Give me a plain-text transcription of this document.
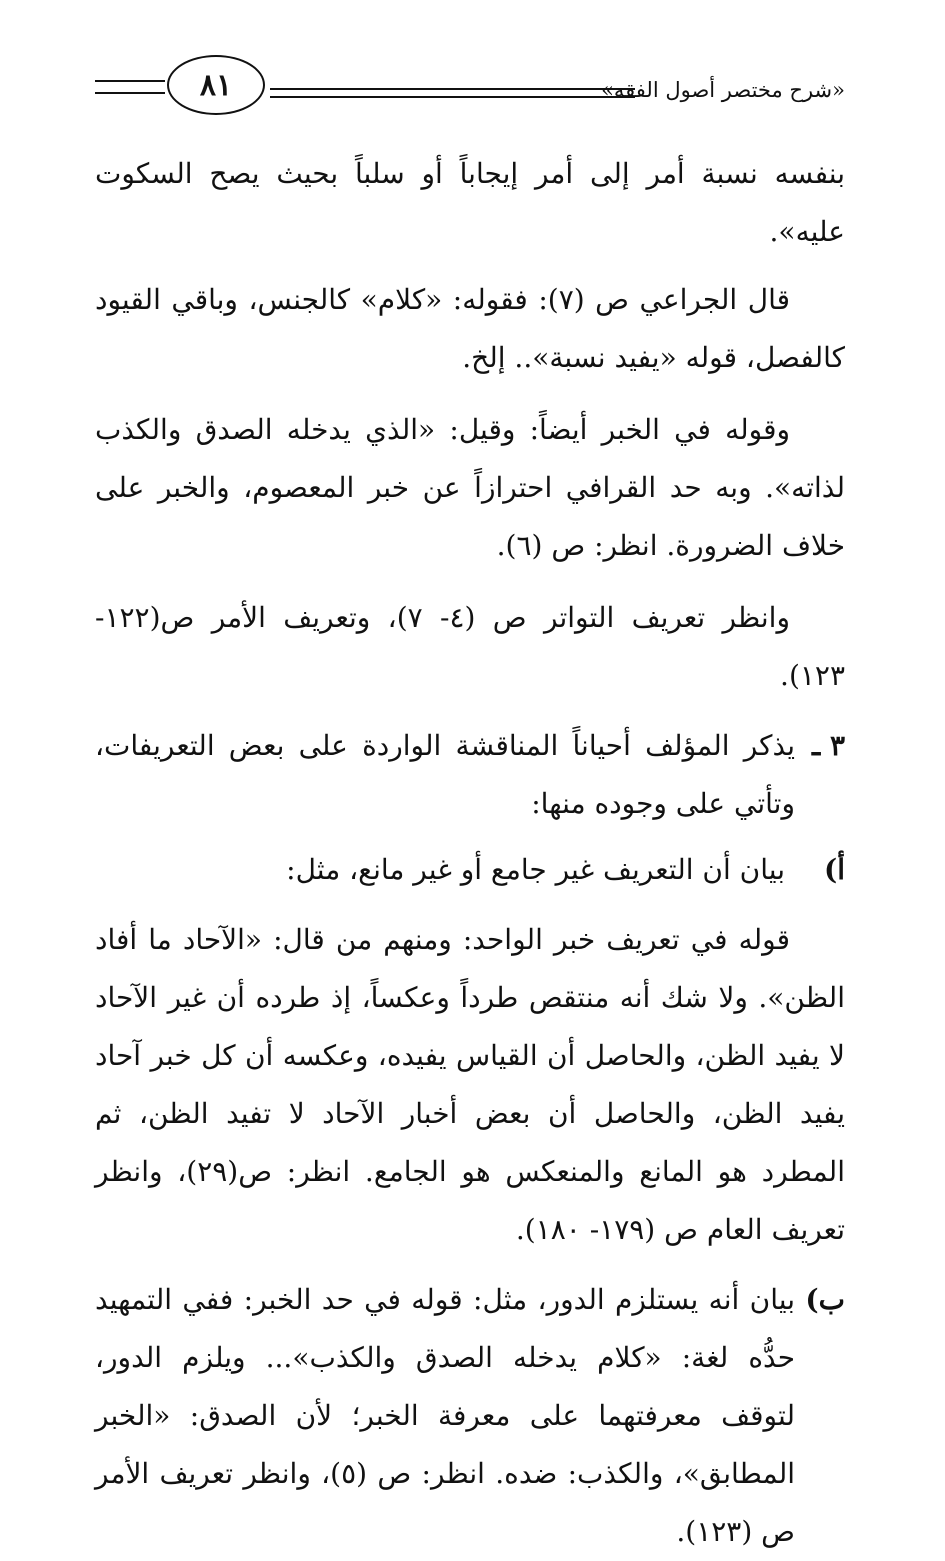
«شرح مختصر أصول الفقه»
٨١

بنفسه نسبة أمر إلى أمر إيجاباً أو سلباً بحيث يصح السكوت عليه».

قال الجراعي ص (٧): فقوله: «كلام» كالجنس، وباقي القيود كالفصل، قوله «يفيد نسبة».. إلخ.

وقوله في الخبر أيضاً: وقيل: «الذي يدخله الصدق والكذب لذاته». وبه حد القرافي احترازاً عن خبر المعصوم، والخبر على خلاف الضرورة. انظر: ص (٦).

وانظر تعريف التواتر ص (٤- ٧)، وتعريف الأمر ص(١٢٢- ١٢٣).

٣ ـ
يذكر المؤلف أحياناً المناقشة الواردة على بعض التعريفات، وتأتي على وجوده منها:
أ)
بيان أن التعريف غير جامع أو غير مانع، مثل:

قوله في تعريف خبر الواحد: ومنهم من قال: «الآحاد ما أفاد الظن». ولا شك أنه منتقص طرداً وعكساً، إذ طرده أن غير الآحاد لا يفيد الظن، والحاصل أن القياس يفيده، وعكسه أن كل خبر آحاد يفيد الظن، والحاصل أن بعض أخبار الآحاد لا تفيد الظن، ثم المطرد هو المانع والمنعكس هو الجامع. انظر: ص(٢٩)، وانظر تعريف العام ص (١٧٩- ١٨٠).

ب)
بيان أنه يستلزم الدور، مثل: قوله في حد الخبر: ففي التمهيد حدُّه لغة: «كلام يدخله الصدق والكذب»... ويلزم الدور، لتوقف معرفتهما على معرفة الخبر؛ لأن الصدق: «الخبر المطابق»، والكذب: ضده. انظر: ص (٥)، وانظر تعريف الأمر ص (١٢٣).
